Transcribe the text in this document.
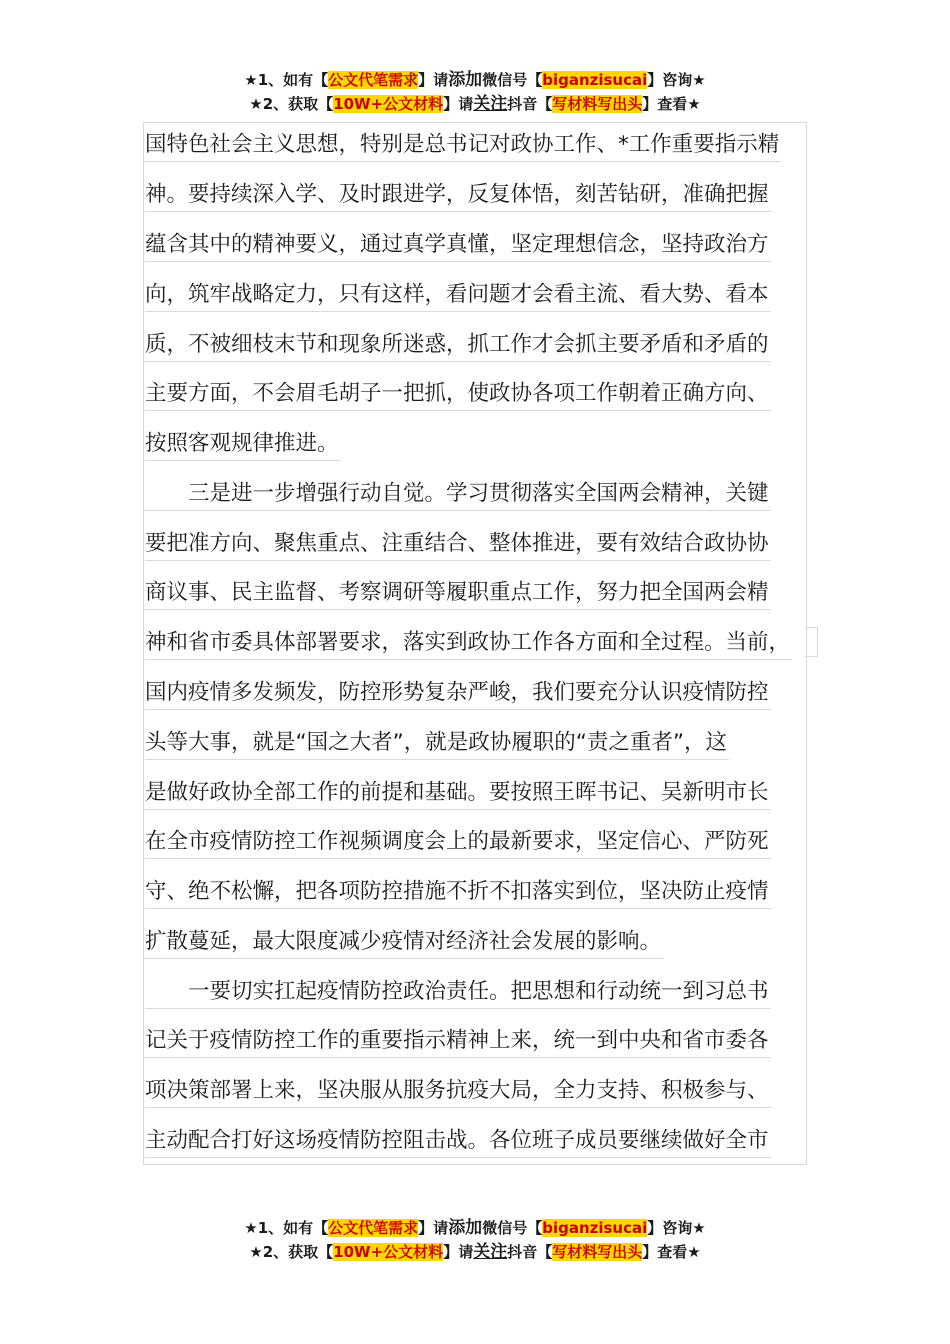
★1、如有【公文代笔需求】请添加微信号【biganzisucai】咨询★
★2、获取【10W+公文材料】请关注抖音【写材料写出头】查看★
国特色社会主义思想，特别是总书记对政协工作、*工作重要指示精
神。要持续深入学、及时跟进学，反复体悟，刻苦钻研，准确把握
蕴含其中的精神要义，通过真学真懂，坚定理想信念，坚持政治方
向，筑牢战略定力，只有这样，看问题才会看主流、看大势、看本
质，不被细枝末节和现象所迷惑，抓工作才会抓主要矛盾和矛盾的
主要方面，不会眉毛胡子一把抓，使政协各项工作朝着正确方向、
按照客观规律推进。
　　三是进一步增强行动自觉。学习贯彻落实全国两会精神，关键
要把准方向、聚焦重点、注重结合、整体推进，要有效结合政协协
商议事、民主监督、考察调研等履职重点工作，努力把全国两会精
神和省市委具体部署要求，落实到政协工作各方面和全过程。当前，
国内疫情多发频发，防控形势复杂严峻，我们要充分认识疫情防控
头等大事，就是“国之大者”，就是政协履职的“责之重者”，这
是做好政协全部工作的前提和基础。要按照王晖书记、吴新明市长
在全市疫情防控工作视频调度会上的最新要求，坚定信心、严防死
守、绝不松懈，把各项防控措施不折不扣落实到位，坚决防止疫情
扩散蔓延，最大限度减少疫情对经济社会发展的影响。
　　一要切实扛起疫情防控政治责任。把思想和行动统一到习总书
记关于疫情防控工作的重要指示精神上来，统一到中央和省市委各
项决策部署上来，坚决服从服务抗疫大局，全力支持、积极参与、
主动配合打好这场疫情防控阻击战。各位班子成员要继续做好全市
★1、如有【公文代笔需求】请添加微信号【biganzisucai】咨询★
★2、获取【10W+公文材料】请关注抖音【写材料写出头】查看★
